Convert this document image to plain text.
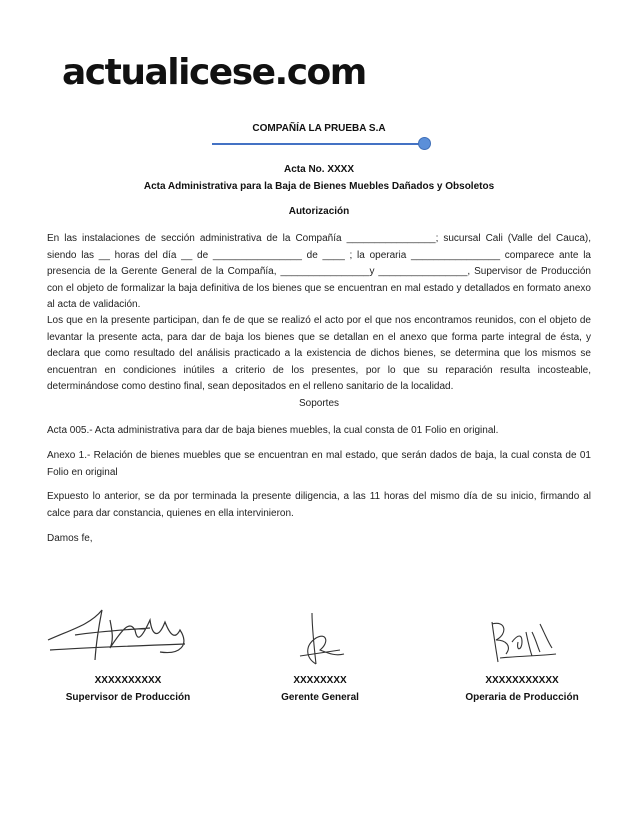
actualicese.com
COMPAÑÍA LA PRUEBA S.A
Acta No. XXXX
Acta Administrativa para la Baja de Bienes Muebles Dañados y Obsoletos
Autorización
En las instalaciones de sección administrativa de la Compañía ________________; sucursal Cali (Valle del Cauca), siendo las __ horas del día __ de ________________ de ____ ; la operaria ________________ comparece ante la presencia de la Gerente General de la Compañía, ________________y ________________, Supervisor de Producción con el objeto de formalizar la baja definitiva de los bienes que se encuentran en mal estado y detallados en formato anexo al acta de validación.
Los que en la presente participan, dan fe de que se realizó el acto por el que nos encontramos reunidos, con el objeto de levantar la presente acta, para dar de baja los bienes que se detallan en el anexo que forma parte integral de ésta, y declara que como resultado del análisis practicado a la existencia de dichos bienes, se determina que los mismos se encuentran en condiciones inútiles a criterio de los presentes, por lo que su reparación resulta incosteable, determinándose como destino final, sean depositados en el relleno sanitario de la localidad.
Soportes
Acta 005.- Acta administrativa para dar de baja bienes muebles, la cual consta de 01 Folio en original.
Anexo 1.- Relación de bienes muebles que se encuentran en mal estado, que serán dados de baja, la cual consta de 01 Folio en original
Expuesto lo anterior, se da por terminada la presente diligencia, a las 11 horas del mismo día de su inicio, firmando al calce para dar constancia, quienes en ella intervinieron.
Damos fe,
XXXXXXXXXX
Supervisor de Producción
XXXXXXXX
Gerente General
XXXXXXXXXXX
Operaria de Producción
